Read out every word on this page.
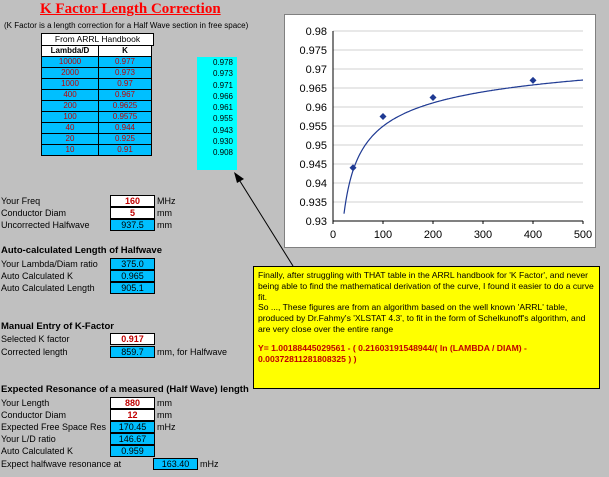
K Factor Length Correction
(K Factor is a length correction for a Half Wave section in free space)
From ARRL Handbook
Lambda/D	K
10000	0.977
2000	0.973
1000	0.97
400	0.967
200	0.9625
100	0.9575
40	0.944
20	0.925
10	0.91
0.978
0.973
0.971
0.966
0.961
0.955
0.943
0.930
0.908
Your Freq	160	MHz
Conductor Diam	5	mm
Uncorrected Halfwave	937.5	mm
Auto-calculated Length of Halfwave
Your Lambda/Diam ratio	375.0
Auto Calculated K	0.965
Auto Calculated Length	905.1
Manual Entry of K-Factor
Selected K factor	0.917
Corrected length	859.7	mm, for Halfwave
Expected Resonance of a measured (Half Wave) length
Your Length	880	mm
Conductor Diam	12	mm
Expected Free Space Res	170.45	mHz
Your L/D ratio	146.67
Auto Calculated K	0.959
Expect halfwave resonance at	163.40	mHz
0.93
0.935
0.94
0.945
0.95
0.955
0.96
0.965
0.97
0.975
0.98
0	100	200	300	400	500

Finally, after struggling with THAT table in the ARRL handbook for 'K Factor', and never being able to find the mathematical derivation of the curve, I found it easier to do a curve fit.

So ..., These figures are from an algorithm based on the well known 'ARRL' table, produced by Dr.Fahmy's 'XLSTAT 4.3', to fit in the form of Schelkunoff's algorithm, and are very close over the entire range

Y= 1.00188445029561 - ( 0.21603191548944/( ln (LAMBDA / DIAM) - 0.00372811281808325 ) )
